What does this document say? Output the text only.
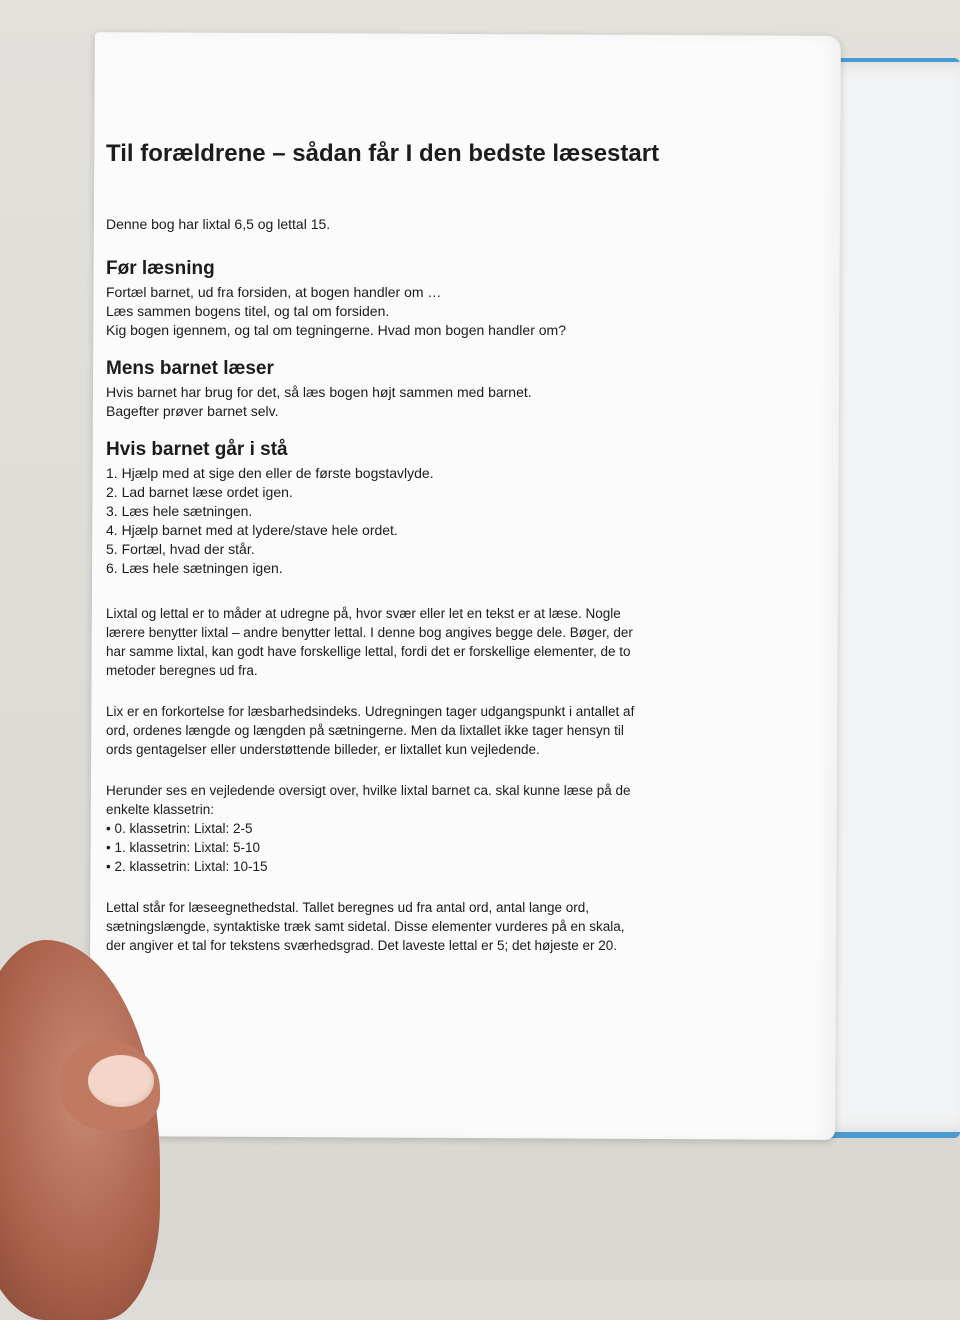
Til forældrene – sådan får I den bedste læsestart

Denne bog har lixtal 6,5 og lettal 15.

Før læsning

Fortæl barnet, ud fra forsiden, at bogen handler om …

Læs sammen bogens titel, og tal om forsiden.

Kig bogen igennem, og tal om tegningerne. Hvad mon bogen handler om?

Mens barnet læser

Hvis barnet har brug for det, så læs bogen højt sammen med barnet.

Bagefter prøver barnet selv.

Hvis barnet går i stå

1. Hjælp med at sige den eller de første bogstavlyde.

2. Lad barnet læse ordet igen.

3. Læs hele sætningen.

4. Hjælp barnet med at lydere/stave hele ordet.

5. Fortæl, hvad der står.

6. Læs hele sætningen igen.

Lixtal og lettal er to måder at udregne på, hvor svær eller let en tekst er at læse. Nogle

lærere benytter lixtal – andre benytter lettal. I denne bog angives begge dele. Bøger, der

har samme lixtal, kan godt have forskellige lettal, fordi det er forskellige elementer, de to

metoder beregnes ud fra.

Lix er en forkortelse for læsbarhedsindeks. Udregningen tager udgangspunkt i antallet af

ord, ordenes længde og længden på sætningerne. Men da lixtallet ikke tager hensyn til

ords gentagelser eller understøttende billeder, er lixtallet kun vejledende.

Herunder ses en vejledende oversigt over, hvilke lixtal barnet ca. skal kunne læse på de

enkelte klassetrin:

• 0. klassetrin: Lixtal: 2-5

• 1. klassetrin: Lixtal: 5-10

• 2. klassetrin: Lixtal: 10-15

Lettal står for læseegnethedstal. Tallet beregnes ud fra antal ord, antal lange ord,

sætningslængde, syntaktiske træk samt sidetal. Disse elementer vurderes på en skala,

der angiver et tal for tekstens sværhedsgrad. Det laveste lettal er 5; det højeste er 20.
